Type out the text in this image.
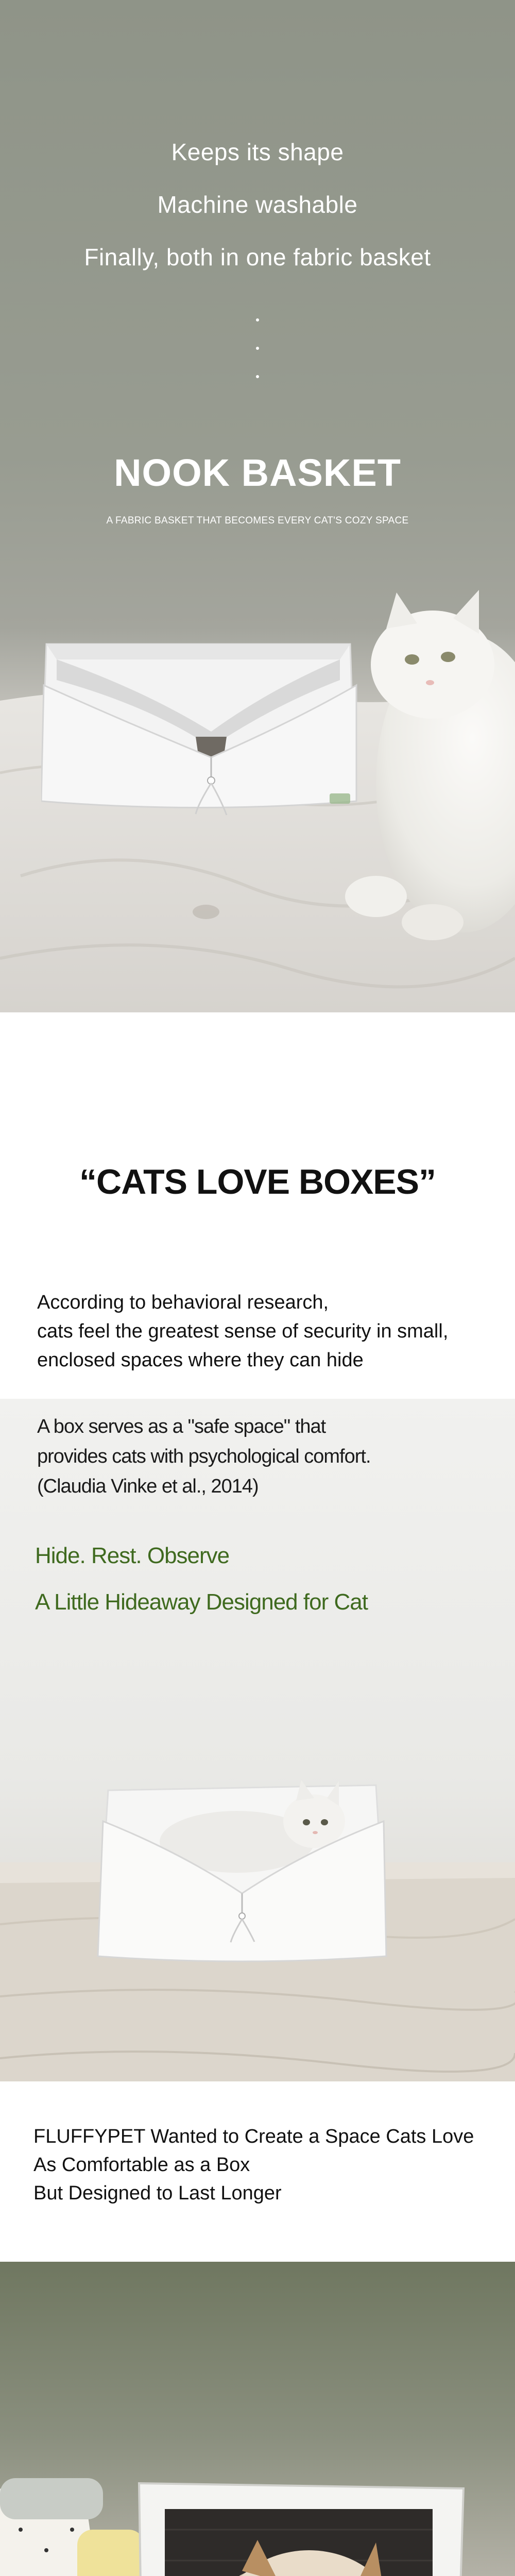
Keeps its shape
Machine washable
Finally, both in one fabric basket
NOOK BASKET
A FABRIC BASKET THAT BECOMES EVERY CAT'S COZY SPACE
“CATS LOVE BOXES”
According to behavioral research,
cats feel the greatest sense of security in small,
enclosed spaces where they can hide
A box serves as a "safe space" that
provides cats with psychological comfort.
(Claudia Vinke et al., 2014)
Hide. Rest. Observe
A Little Hideaway Designed for Cat
FLUFFYPET Wanted to Create a Space Cats Love
As Comfortable as a Box
But Designed to Last Longer
